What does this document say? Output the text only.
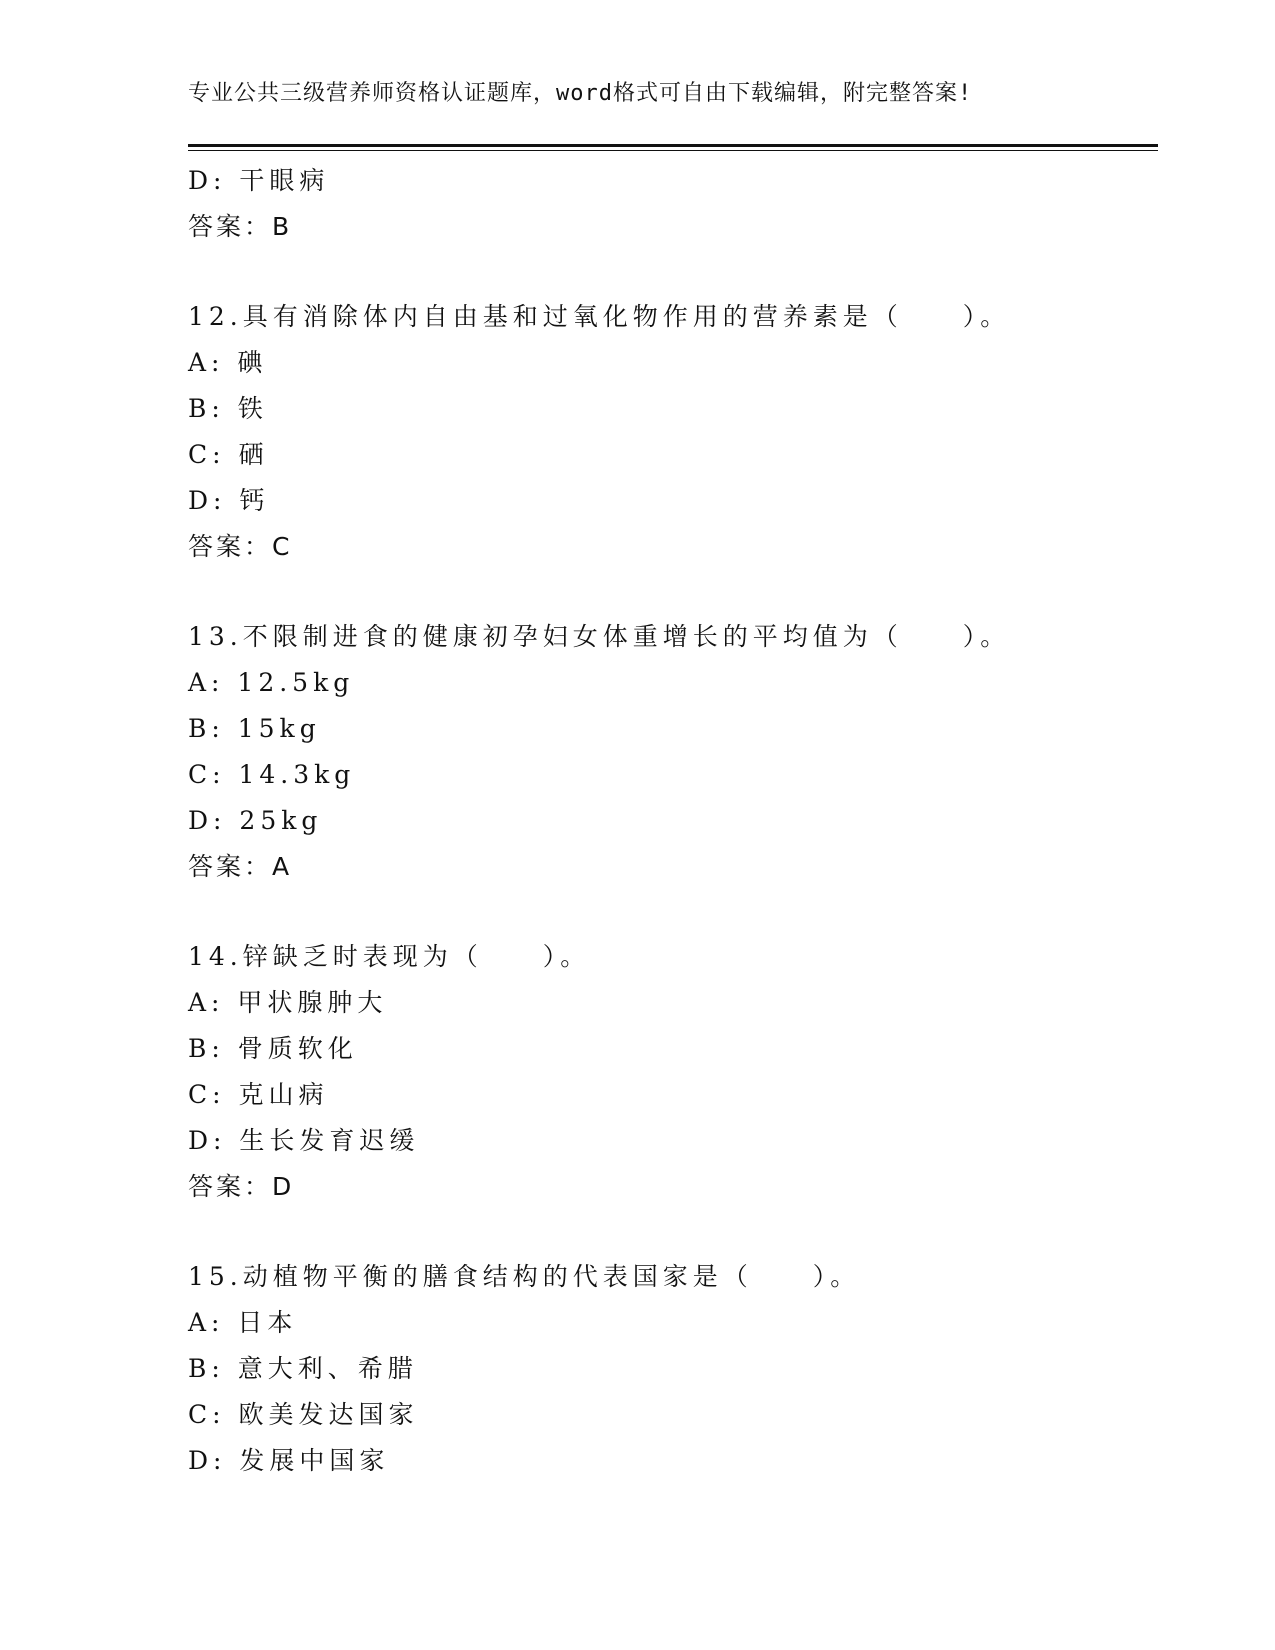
专业公共三级营养师资格认证题库，word格式可自由下载编辑，附完整答案!
D: 干眼病
答案：B
12.具有消除体内自由基和过氧化物作用的营养素是（　　）。
A: 碘
B: 铁
C: 硒
D: 钙
答案：C
13.不限制进食的健康初孕妇女体重增长的平均值为（　　）。
A: 12.5kg
B: 15kg
C: 14.3kg
D: 25kg
答案：A
14.锌缺乏时表现为（　　）。
A: 甲状腺肿大
B: 骨质软化
C: 克山病
D: 生长发育迟缓
答案：D
15.动植物平衡的膳食结构的代表国家是（　　）。
A: 日本
B: 意大利、希腊
C: 欧美发达国家
D: 发展中国家
